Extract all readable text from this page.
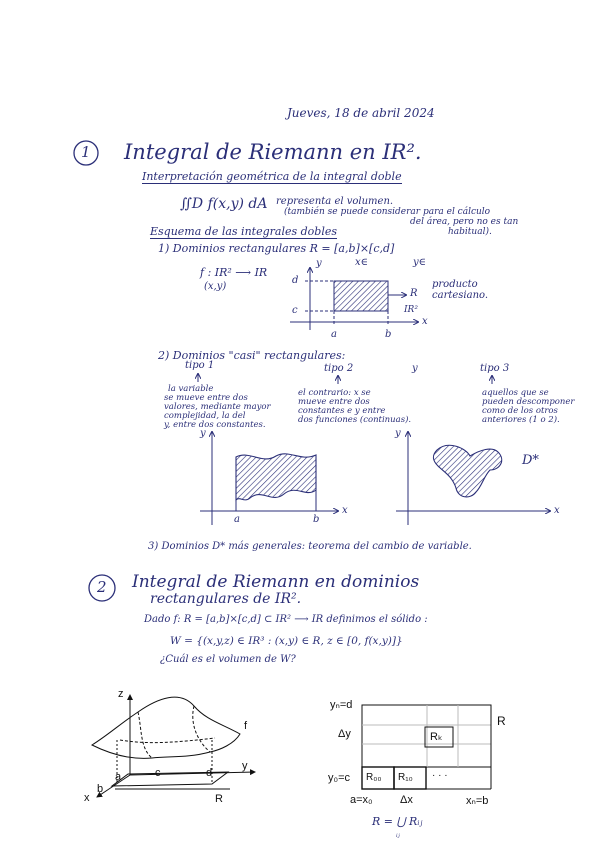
Jueves, 18 de abril 2024
1 Integral de Riemann en IR².
Interpretación geométrica de la integral doble
∬D f(x,y) dA representa el volumen.
(también se puede considerar para el cálculo
del área, pero no es tan
habitual).
Esquema de las integrales dobles
1) Dominios rectangulares R = [a,b]×[c,d]
x∈	y∈
f : IR² ⟶ IR
(x,y)
y
d
c
a	b
x
R
IR²
producto
cartesiano.
2) Dominios "casi" rectangulares:
tipo 1	tipo 2	y	tipo 3
la variable
se mueve entre dos
valores, mediante mayor
complejidad, la del
y, entre dos constantes.
el contrario: x se
mueve entre dos
constantes e y entre
dos funciones (continuas).
aquellos que se
pueden descomponer
como de los otros
anteriores (1 o 2).
y
a	b
x
y
x
D*
3) Dominios D* más generales: teorema del cambio de variable.
2 Integral de Riemann en dominios
rectangulares de IR².
Dado f: R = [a,b]×[c,d] ⊂ IR² ⟶ IR definimos el sólido :
W = {(x,y,z) ∈ IR³ : (x,y) ∈ R, z ∈ [0, f(x,y)]}
¿Cuál es el volumen de W?
z
f
a
b
c	d
y
x	R
yₙ=d
R
Δy	Rₖ
y₀=c R₀₀ R₁₀ · · ·
a=x₀ Δx	xₙ=b
R = ⋃ Rᵢⱼ
ᵢⱼ
